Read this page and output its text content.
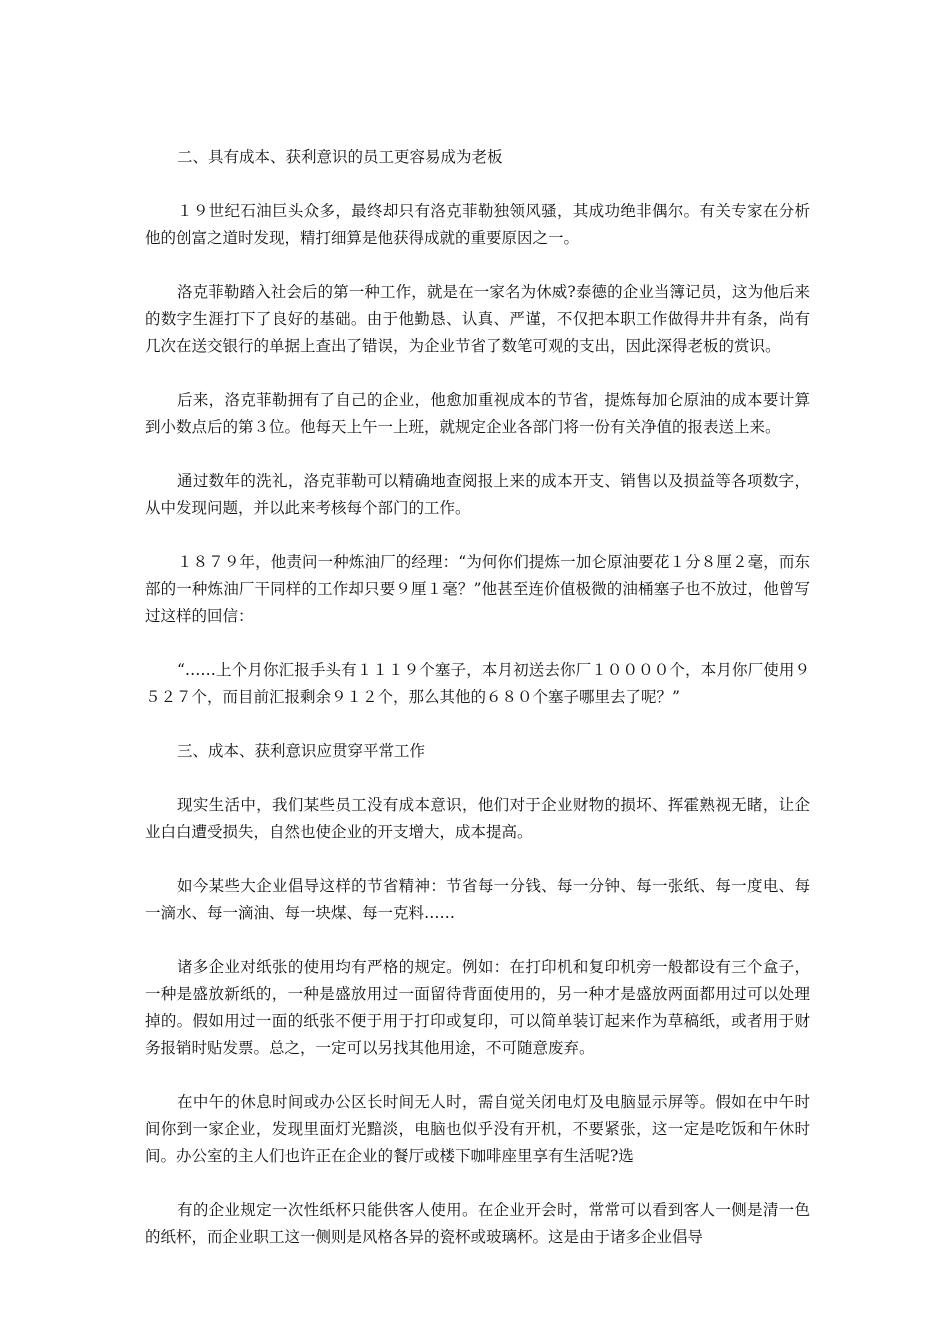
二、具有成本、获利意识的员工更容易成为老板

１９世纪石油巨头众多，最终却只有洛克菲勒独领风骚，其成功绝非偶尔。有关专家在分析他的创富之道时发现，精打细算是他获得成就的重要原因之一。

洛克菲勒踏入社会后的第一种工作，就是在一家名为休威?泰德的企业当簿记员，这为他后来的数字生涯打下了良好的基础。由于他勤恳、认真、严谨，不仅把本职工作做得井井有条，尚有几次在送交银行的单据上查出了错误，为企业节省了数笔可观的支出，因此深得老板的赏识。

后来，洛克菲勒拥有了自己的企业，他愈加重视成本的节省，提炼每加仑原油的成本要计算到小数点后的第３位。他每天上午一上班，就规定企业各部门将一份有关净值的报表送上来。

通过数年的洗礼，洛克菲勒可以精确地查阅报上来的成本开支、销售以及损益等各项数字，从中发现问题，并以此来考核每个部门的工作。

１８７９年，他责问一种炼油厂的经理：“为何你们提炼一加仑原油要花１分８厘２毫，而东部的一种炼油厂干同样的工作却只要９厘１毫？”他甚至连价值极微的油桶塞子也不放过，他曾写过这样的回信：

“……上个月你汇报手头有１１１９个塞子，本月初送去你厂１００００个，本月你厂使用９５２７个，而目前汇报剩余９１２个，那么其他的６８０个塞子哪里去了呢？”

三、成本、获利意识应贯穿平常工作

现实生活中，我们某些员工没有成本意识，他们对于企业财物的损坏、挥霍熟视无睹，让企业白白遭受损失，自然也使企业的开支增大，成本提高。

如今某些大企业倡导这样的节省精神：节省每一分钱、每一分钟、每一张纸、每一度电、每一滴水、每一滴油、每一块煤、每一克料……

诸多企业对纸张的使用均有严格的规定。例如：在打印机和复印机旁一般都设有三个盒子，一种是盛放新纸的，一种是盛放用过一面留待背面使用的，另一种才是盛放两面都用过可以处理掉的。假如用过一面的纸张不便于用于打印或复印，可以简单装订起来作为草稿纸，或者用于财务报销时贴发票。总之，一定可以另找其他用途，不可随意废弃。

在中午的休息时间或办公区长时间无人时，需自觉关闭电灯及电脑显示屏等。假如在中午时间你到一家企业，发现里面灯光黯淡，电脑也似乎没有开机，不要紧张，这一定是吃饭和午休时间。办公室的主人们也许正在企业的餐厅或楼下咖啡座里享有生活呢?选

有的企业规定一次性纸杯只能供客人使用。在企业开会时，常常可以看到客人一侧是清一色的纸杯，而企业职工这一侧则是风格各异的瓷杯或玻璃杯。这是由于诸多企业倡导
